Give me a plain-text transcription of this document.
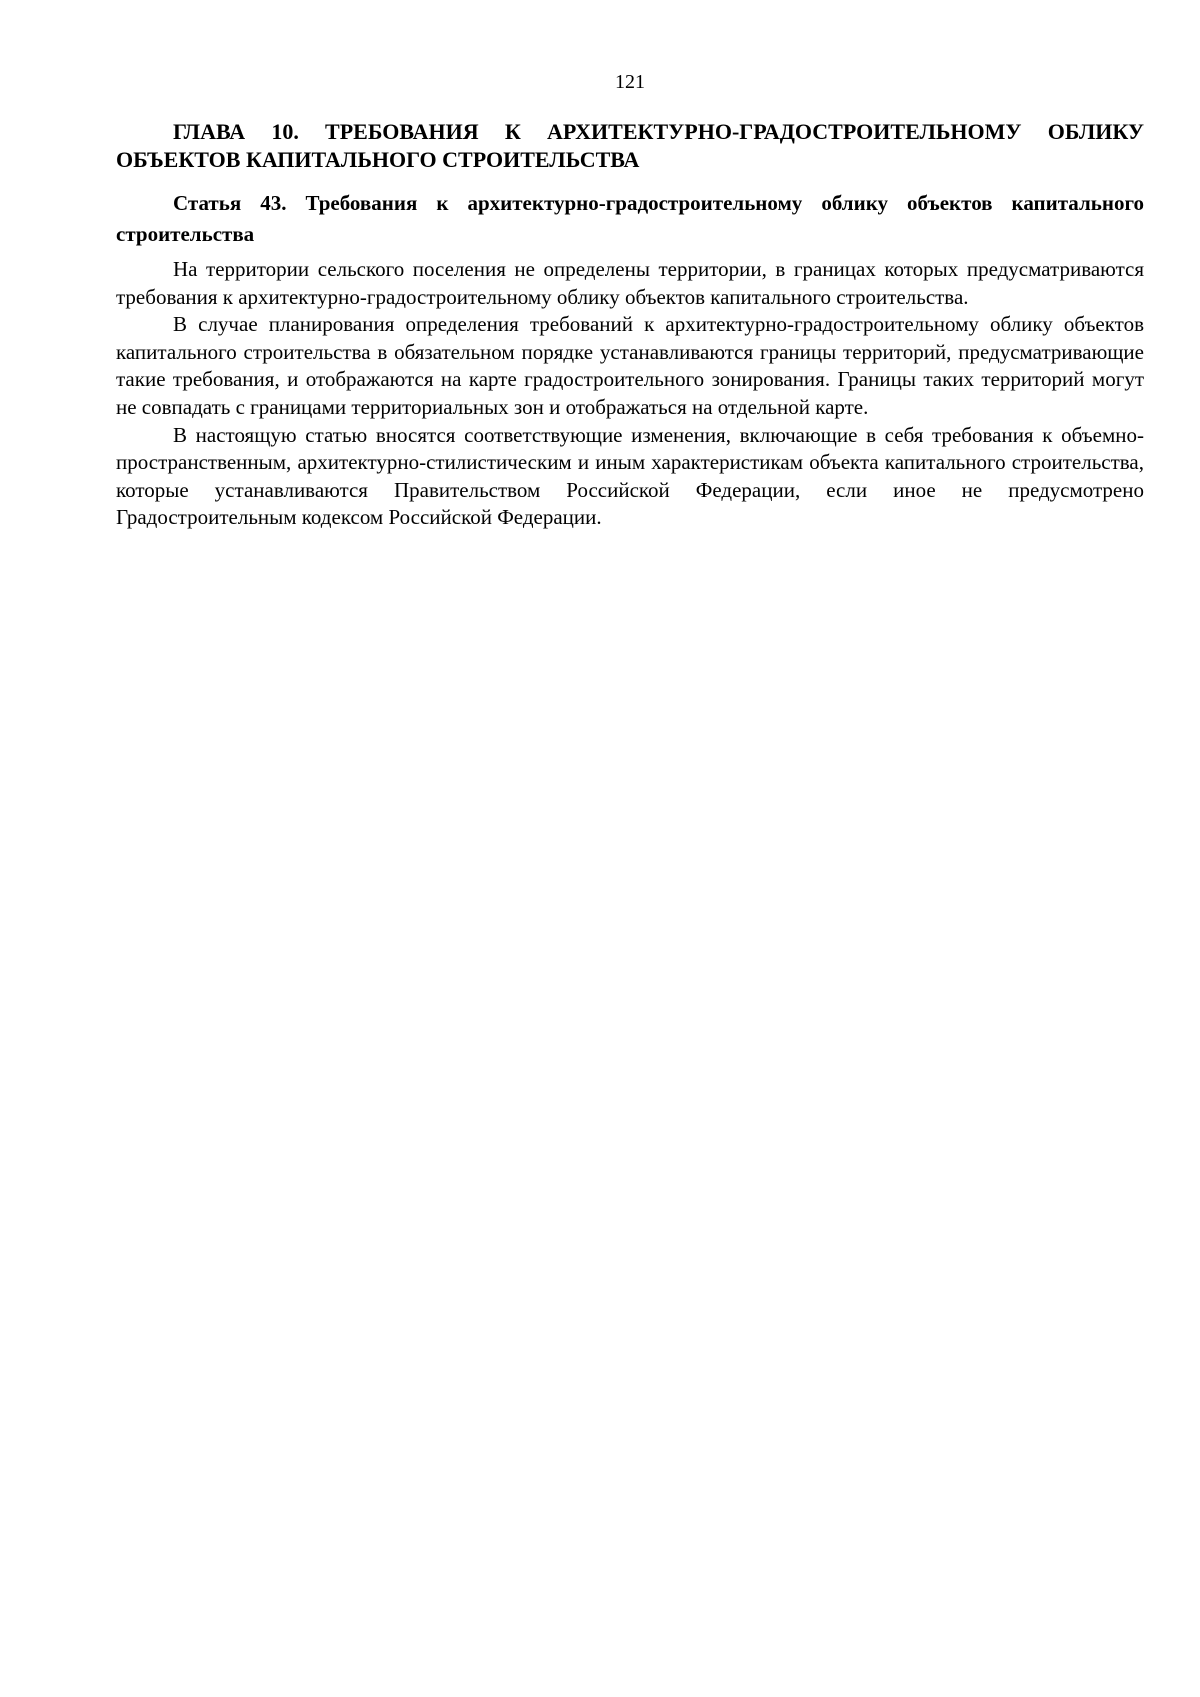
121
ГЛАВА 10. ТРЕБОВАНИЯ К АРХИТЕКТУРНО-ГРАДОСТРОИТЕЛЬНОМУ ОБЛИКУ ОБЪЕКТОВ КАПИТАЛЬНОГО СТРОИТЕЛЬСТВА
Статья 43. Требования к архитектурно-градостроительному облику объектов капитального строительства

На территории сельского поселения не определены территории, в границах которых предусматриваются требования к архитектурно-градостроительному облику объектов капитального строительства.

В случае планирования определения требований к архитектурно-градостроительному облику объектов капитального строительства в обязательном порядке устанавливаются границы территорий, предусматривающие такие требования, и отображаются на карте градостроительного зонирования. Границы таких территорий могут не совпадать с границами территориальных зон и отображаться на отдельной карте.

В настоящую статью вносятся соответствующие изменения, включающие в себя требования к объемно-пространственным, архитектурно-стилистическим и иным характеристикам объекта капитального строительства, которые устанавливаются Правительством Российской Федерации, если иное не предусмотрено Градостроительным кодексом Российской Федерации.
